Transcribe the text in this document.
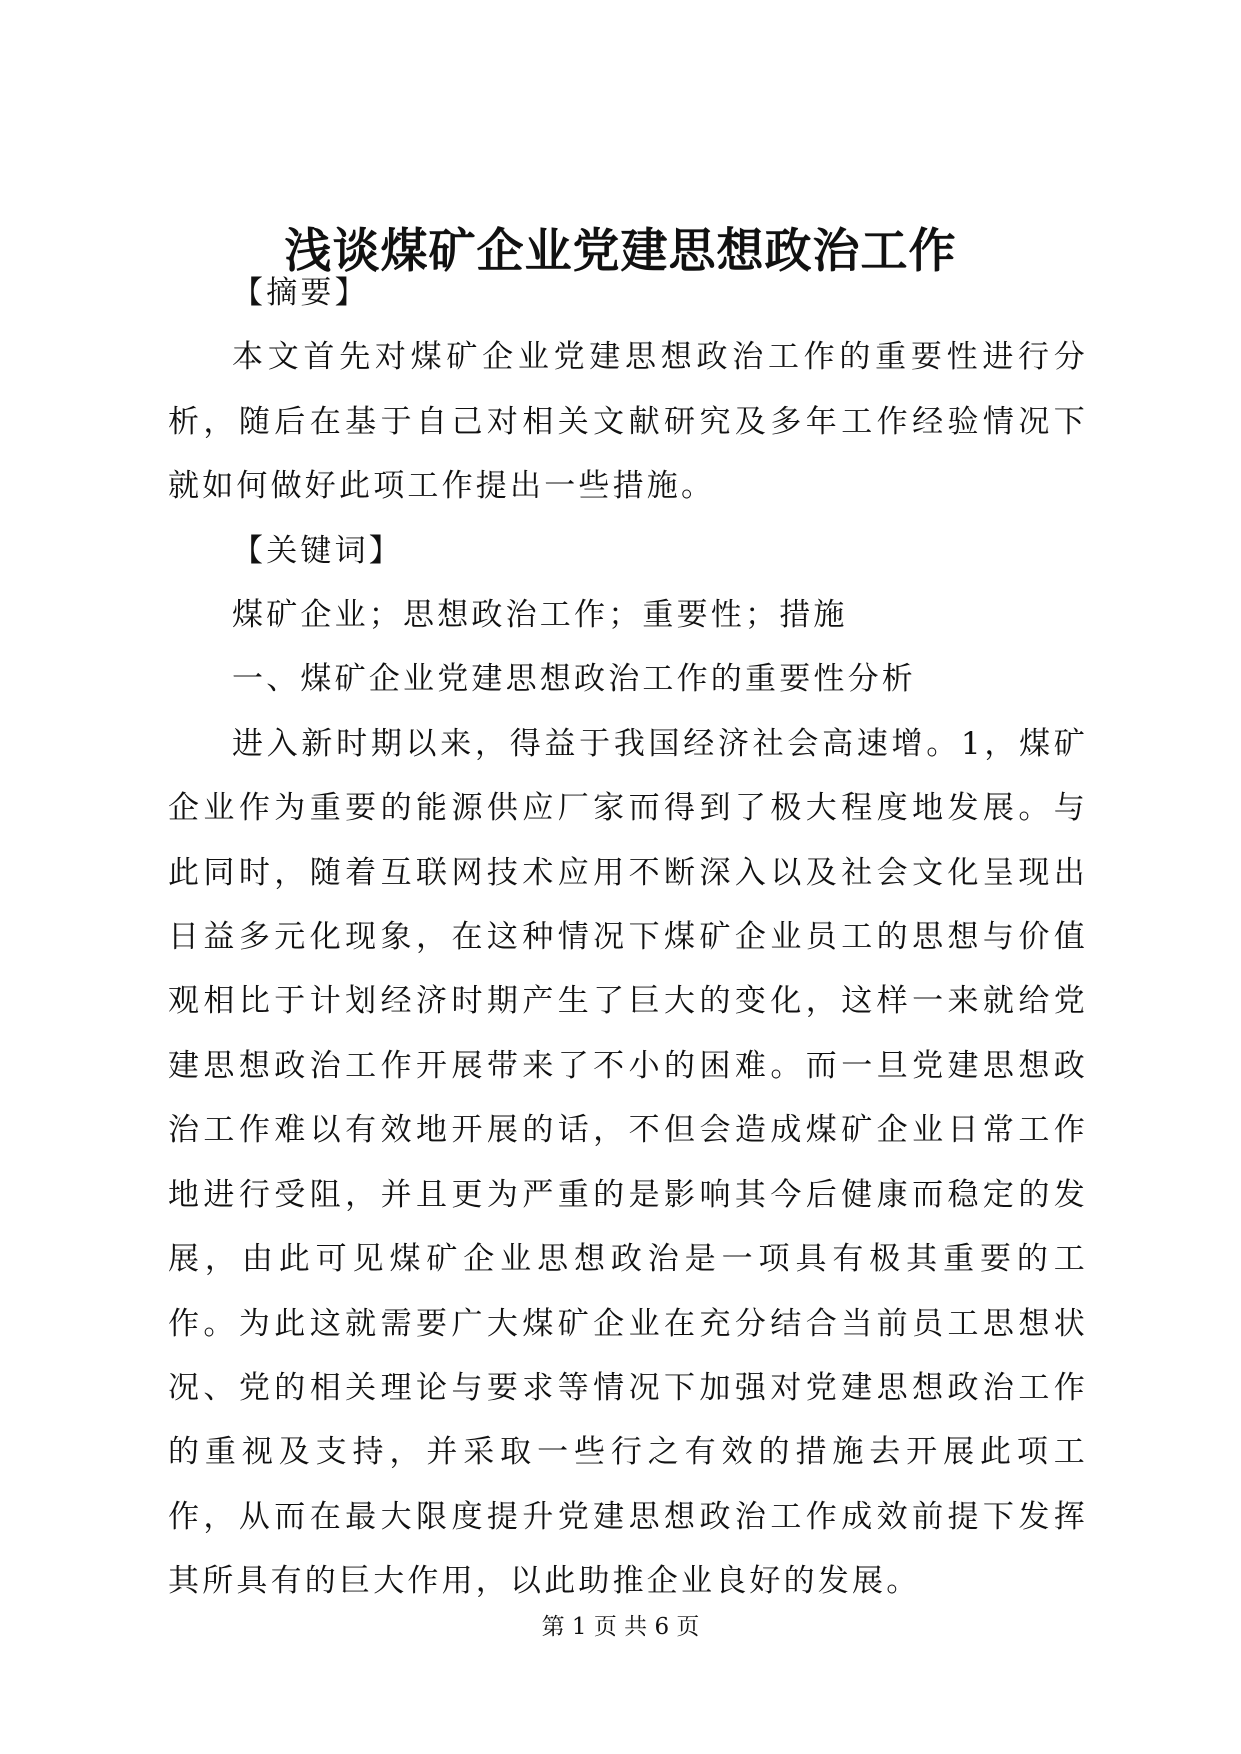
浅谈煤矿企业党建思想政治工作

【摘要】

本文首先对煤矿企业党建思想政治工作的重要性进行分析，随后在基于自己对相关文献研究及多年工作经验情况下就如何做好此项工作提出一些措施。

【关键词】

煤矿企业；思想政治工作；重要性；措施

一、煤矿企业党建思想政治工作的重要性分析

进入新时期以来，得益于我国经济社会高速增。1，煤矿企业作为重要的能源供应厂家而得到了极大程度地发展。与此同时，随着互联网技术应用不断深入以及社会文化呈现出日益多元化现象，在这种情况下煤矿企业员工的思想与价值观相比于计划经济时期产生了巨大的变化，这样一来就给党建思想政治工作开展带来了不小的困难。而一旦党建思想政治工作难以有效地开展的话，不但会造成煤矿企业日常工作地进行受阻，并且更为严重的是影响其今后健康而稳定的发展，由此可见煤矿企业思想政治是一项具有极其重要的工作。为此这就需要广大煤矿企业在充分结合当前员工思想状况、党的相关理论与要求等情况下加强对党建思想政治工作的重视及支持，并采取一些行之有效的措施去开展此项工作，从而在最大限度提升党建思想政治工作成效前提下发挥其所具有的巨大作用，以此助推企业良好的发展。

第 1 页 共 6 页
